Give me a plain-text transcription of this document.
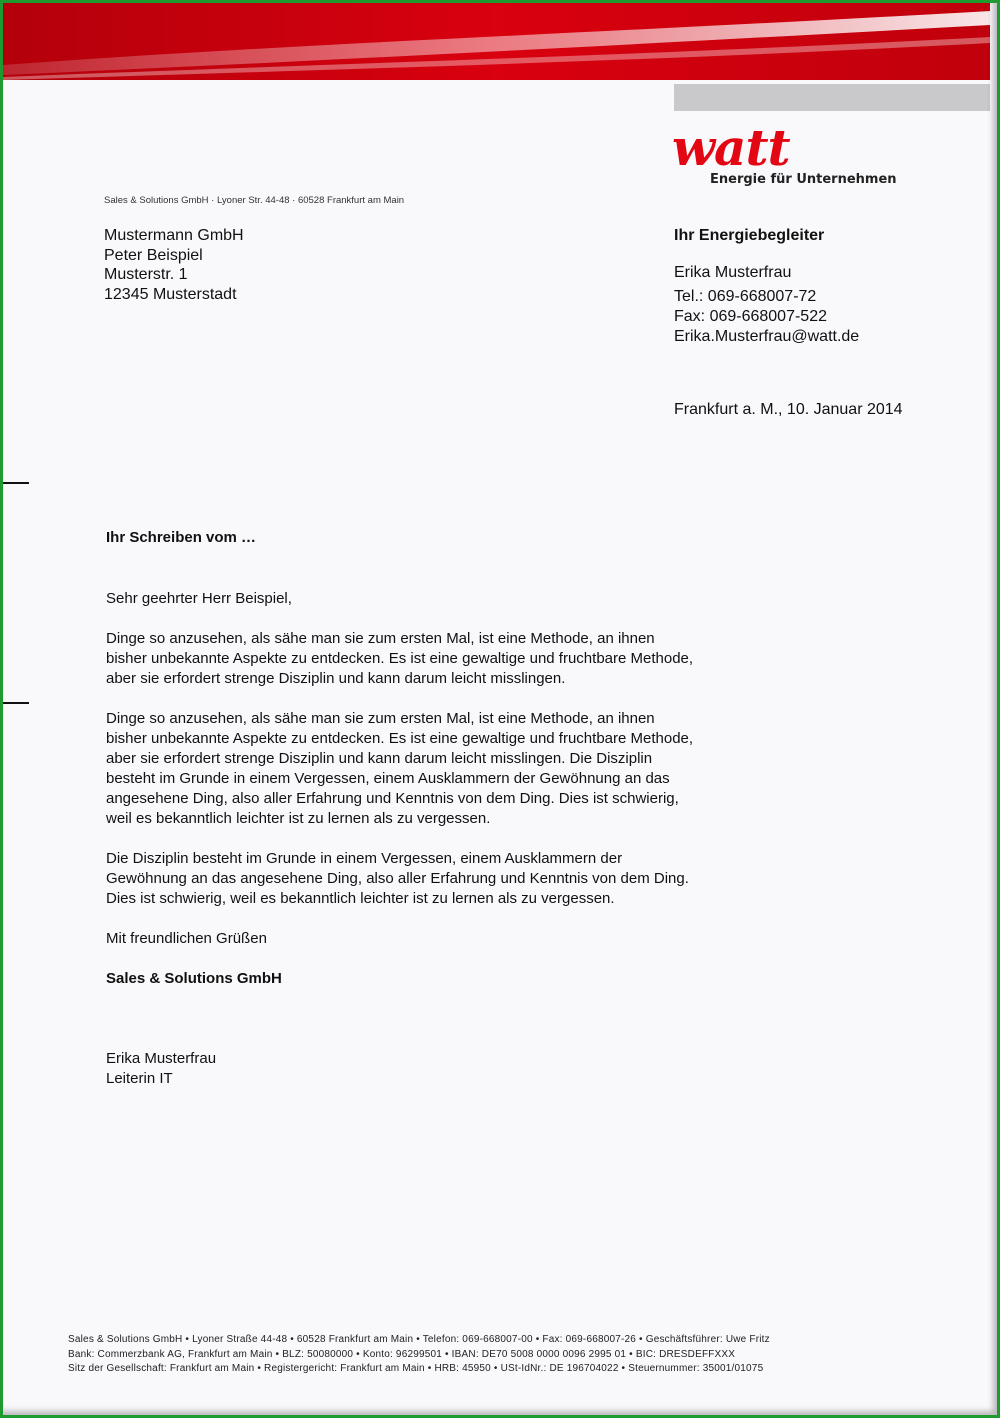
watt
Energie für Unternehmen
Sales & Solutions GmbH · Lyoner Str. 44-48 · 60528 Frankfurt am Main
Mustermann GmbH
Peter Beispiel
Musterstr. 1
12345 Musterstadt
Ihr Energiebegleiter
Erika Musterfrau
Tel.: 069-668007-72
Fax: 069-668007-522
Erika.Musterfrau@watt.de
Frankfurt a. M., 10. Januar 2014
Ihr Schreiben vom …

Sehr geehrter Herr Beispiel,

Dinge so anzusehen, als sähe man sie zum ersten Mal, ist eine Methode, an ihnen
bisher unbekannte Aspekte zu entdecken. Es ist eine gewaltige und fruchtbare Methode,
aber sie erfordert strenge Disziplin und kann darum leicht misslingen.

Dinge so anzusehen, als sähe man sie zum ersten Mal, ist eine Methode, an ihnen
bisher unbekannte Aspekte zu entdecken. Es ist eine gewaltige und fruchtbare Methode,
aber sie erfordert strenge Disziplin und kann darum leicht misslingen. Die Disziplin
besteht im Grunde in einem Vergessen, einem Ausklammern der Gewöhnung an das
angesehene Ding, also aller Erfahrung und Kenntnis von dem Ding. Dies ist schwierig,
weil es bekanntlich leichter ist zu lernen als zu vergessen.

Die Disziplin besteht im Grunde in einem Vergessen, einem Ausklammern der
Gewöhnung an das angesehene Ding, also aller Erfahrung und Kenntnis von dem Ding.
Dies ist schwierig, weil es bekanntlich leichter ist zu lernen als zu vergessen.

Mit freundlichen Grüßen

Sales & Solutions GmbH

Erika Musterfrau

Leiterin IT

Sales & Solutions GmbH • Lyoner Straße 44-48 • 60528 Frankfurt am Main • Telefon: 069-668007-00 • Fax: 069-668007-26 • Geschäftsführer: Uwe Fritz
Bank: Commerzbank AG, Frankfurt am Main • BLZ: 50080000 • Konto: 96299501 • IBAN: DE70 5008 0000 0096 2995 01 • BIC: DRESDEFFXXX
Sitz der Gesellschaft: Frankfurt am Main • Registergericht: Frankfurt am Main • HRB: 45950 • USt-IdNr.: DE 196704022 • Steuernummer: 35001/01075
